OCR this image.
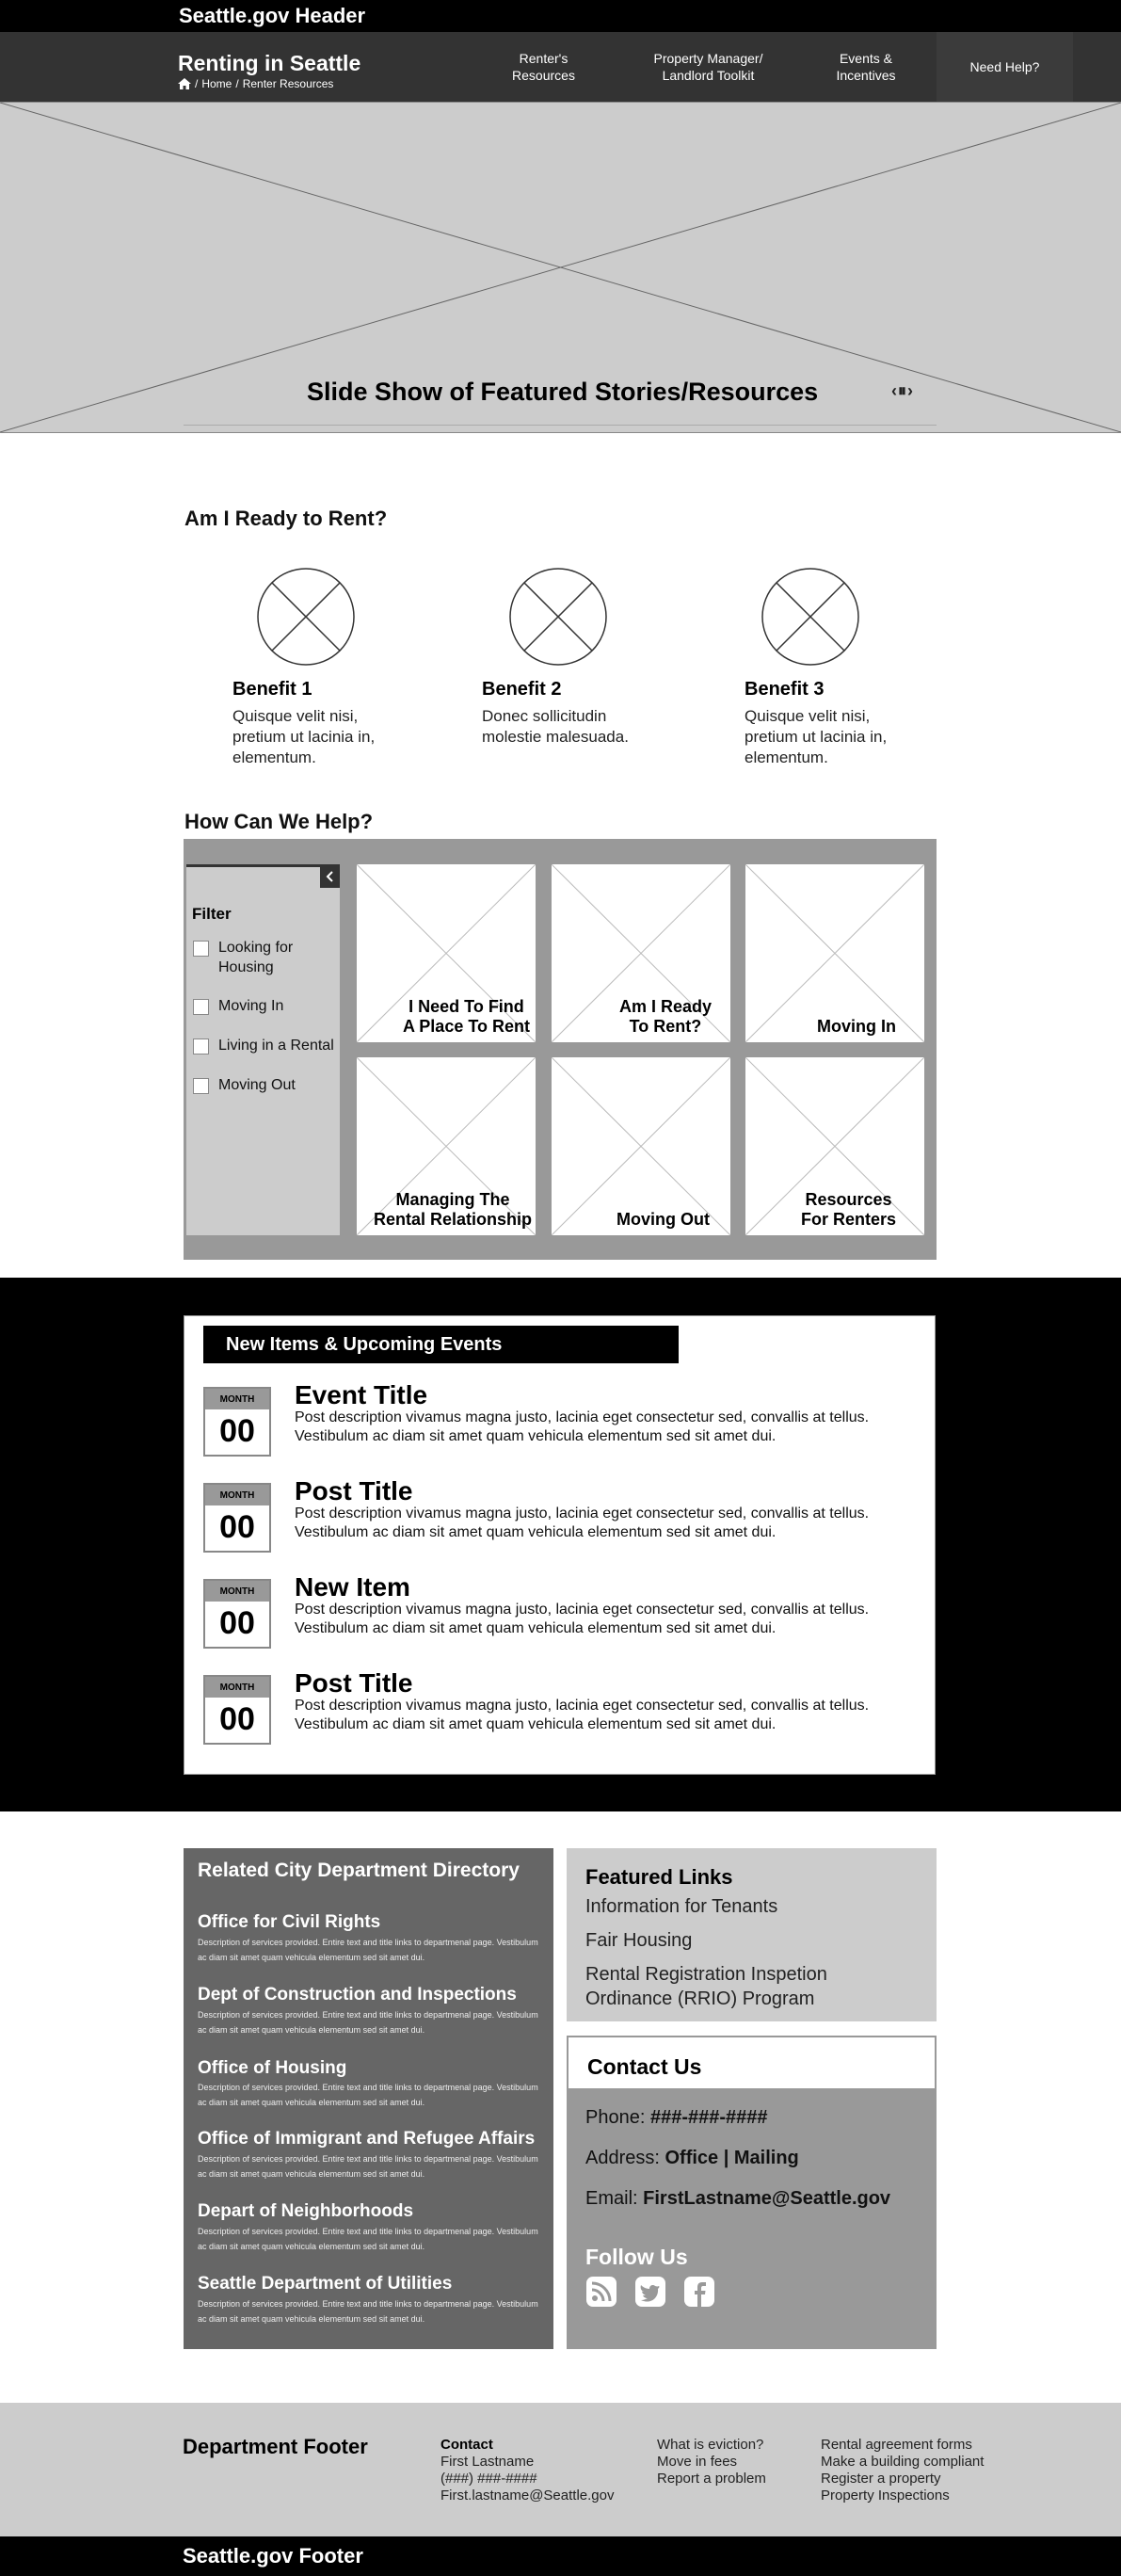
Seattle.gov Header
Renting in Seattle
/ Home / Renter Resources
Renter's
Resources
Property Manager/
Landlord Toolkit
Events &
Incentives
Need Help?
Slide Show of Featured Stories/Resources	‹⏸›
Am I Ready to Rent?
Benefit 1
Quisque velit nisi, pretium ut lacinia in, elementum.
Benefit 2
Donec sollicitudin molestie malesuada.
Benefit 3
Quisque velit nisi, pretium ut lacinia in, elementum.
How Can We Help?
Filter
Looking for Housing
Moving In
Living in a Rental
Moving Out
I Need To Find
A Place To Rent
Am I Ready
To Rent?	Moving In
Managing The
Rental Relationship	Moving Out
Resources
For Renters
New Items & Upcoming Events
MONTH
00
Event Title
Post description vivamus magna justo, lacinia eget consectetur sed, convallis at tellus. Vestibulum ac diam sit amet quam vehicula elementum sed sit amet dui.
MONTH
00
Post Title
Post description vivamus magna justo, lacinia eget consectetur sed, convallis at tellus. Vestibulum ac diam sit amet quam vehicula elementum sed sit amet dui.
MONTH
00
New Item
Post description vivamus magna justo, lacinia eget consectetur sed, convallis at tellus. Vestibulum ac diam sit amet quam vehicula elementum sed sit amet dui.
MONTH
00
Post Title
Post description vivamus magna justo, lacinia eget consectetur sed, convallis at tellus. Vestibulum ac diam sit amet quam vehicula elementum sed sit amet dui.
Related City Department Directory
Office for Civil Rights
Description of services provided. Entire text and title links to departmenal page. Vestibulum ac diam sit amet quam vehicula elementum sed sit amet dui.
Dept of Construction and Inspections
Description of services provided. Entire text and title links to departmenal page. Vestibulum ac diam sit amet quam vehicula elementum sed sit amet dui.
Office of Housing
Description of services provided. Entire text and title links to departmenal page. Vestibulum ac diam sit amet quam vehicula elementum sed sit amet dui.
Office of Immigrant and Refugee Affairs
Description of services provided. Entire text and title links to departmenal page. Vestibulum ac diam sit amet quam vehicula elementum sed sit amet dui.
Depart of Neighborhoods
Description of services provided. Entire text and title links to departmenal page. Vestibulum ac diam sit amet quam vehicula elementum sed sit amet dui.
Seattle Department of Utilities
Description of services provided. Entire text and title links to departmenal page. Vestibulum ac diam sit amet quam vehicula elementum sed sit amet dui.
Featured Links
Information for Tenants
Fair Housing
Rental Registration Inspetion Ordinance (RRIO) Program
Contact Us
Phone: ###-###-####
Address: Office | Mailing
Email: FirstLastname@Seattle.gov
Follow Us
Department Footer	Contact
First Lastname
(###) ###-####
First.lastname@Seattle.gov
What is eviction?
Move in fees
Report a problem
Rental agreement forms
Make a building compliant
Register a property
Property Inspections
Seattle.gov Footer
